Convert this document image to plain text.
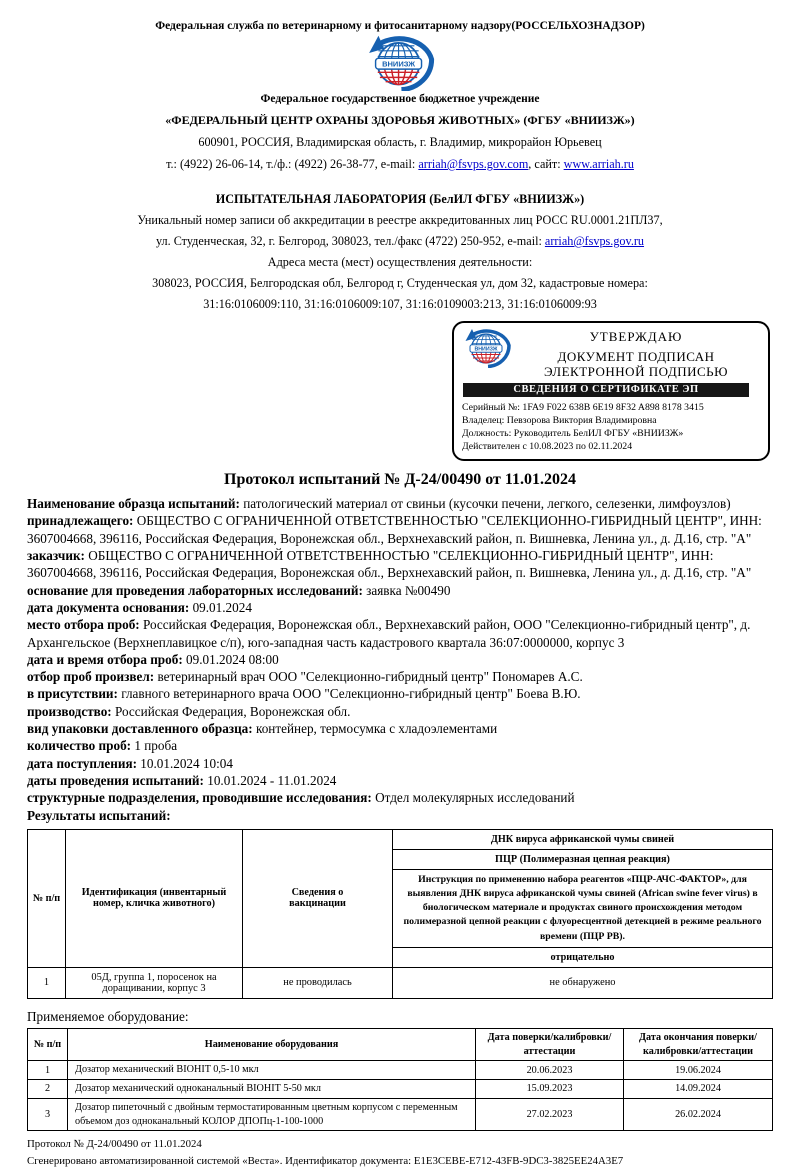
Федеральная служба по ветеринарному и фитосанитарному надзору(РОССЕЛЬХОЗНАДЗОР)
ВНИИЗЖ
Федеральное государственное бюджетное учреждение
«ФЕДЕРАЛЬНЫЙ ЦЕНТР ОХРАНЫ ЗДОРОВЬЯ ЖИВОТНЫХ» (ФГБУ «ВНИИЗЖ»)
600901, РОССИЯ, Владимирская область, г. Владимир, микрорайон Юрьевец
т.: (4922) 26-06-14, т./ф.: (4922) 26-38-77, e-mail: arriah@fsvps.gov.com, сайт: www.arriah.ru
ИСПЫТАТЕЛЬНАЯ ЛАБОРАТОРИЯ (БелИЛ ФГБУ «ВНИИЗЖ»)
Уникальный номер записи об аккредитации в реестре аккредитованных лиц РОСС RU.0001.21ПЛ37,
ул. Студенческая, 32, г. Белгород, 308023, тел./факс (4722) 250-952, e-mail: arriah@fsvps.gov.ru
Адреса места (мест) осуществления деятельности:
308023, РОССИЯ, Белгородская обл, Белгород г, Студенческая ул, дом 32, кадастровые номера:
31:16:0106009:110, 31:16:0106009:107, 31:16:0109003:213, 31:16:0106009:93
ВНИИЗЖ
УТВЕРЖДАЮ
ДОКУМЕНТ ПОДПИСАН
ЭЛЕКТРОННОЙ ПОДПИСЬЮ
СВЕДЕНИЯ О СЕРТИФИКАТЕ ЭП
Серийный №: 1FA9 F022 638B 6E19 8F32 A898 8178 3415
Владелец: Певзорова Виктория Владимировна
Должность: Руководитель БелИЛ ФГБУ «ВНИИЗЖ»
Действителен с 10.08.2023 по 02.11.2024
Протокол испытаний № Д-24/00490 от 11.01.2024
Наименование образца испытаний: патологический материал от свиньи (кусочки печени, легкого, селезенки, лимфоузлов)
принадлежащего: ОБЩЕСТВО С ОГРАНИЧЕННОЙ ОТВЕТСТВЕННОСТЬЮ "СЕЛЕКЦИОННО-ГИБРИДНЫЙ ЦЕНТР", ИНН: 3607004668, 396116, Российская Федерация, Воронежская обл., Верхнехавский район, п. Вишневка, Ленина ул., д. Д.16, стр. "А"
заказчик: ОБЩЕСТВО С ОГРАНИЧЕННОЙ ОТВЕТСТВЕННОСТЬЮ "СЕЛЕКЦИОННО-ГИБРИДНЫЙ ЦЕНТР", ИНН: 3607004668, 396116, Российская Федерация, Воронежская обл., Верхнехавский район, п. Вишневка, Ленина ул., д. Д.16, стр. "А"
основание для проведения лабораторных исследований: заявка №00490
дата документа основания: 09.01.2024
место отбора проб: Российская Федерация, Воронежская обл., Верхнехавский район, ООО "Селекционно-гибридный центр", д. Архангельское (Верхнеплавицкое с/п), юго-западная часть кадастрового квартала 36:07:0000000, корпус 3
дата и время отбора проб: 09.01.2024 08:00
отбор проб произвел: ветеринарный врач ООО "Селекционно-гибридный центр" Пономарев А.С.
в присутствии: главного ветеринарного врача ООО "Селекционно-гибридный центр" Боева В.Ю.
производство: Российская Федерация, Воронежская обл.
вид упаковки доставленного образца: контейнер, термосумка с хладоэлементами
количество проб: 1 проба
дата поступления: 10.01.2024 10:04
даты проведения испытаний: 10.01.2024 - 11.01.2024
структурные подразделения, проводившие исследования: Отдел молекулярных исследований
Результаты испытаний:
№ п/п	Идентификация (инвентарный номер, кличка животного)	Сведения о вакцинации	ДНК вируса африканской чумы свиней
			ПЦР (Полимеразная цепная реакция)
			Инструкция по применению набора реагентов «ПЦР-АЧС-ФАКТОР», для выявления ДНК вируса африканской чумы свиней (African swine fever virus) в биологическом материале и продуктах свиного происхождения методом полимеразной цепной реакции с флуоресцентной детекцией в режиме реального времени (ПЦР РВ).
			отрицательно
1	05Д, группа 1, поросенок на доращивании, корпус 3	не проводилась	не обнаружено
Применяемое оборудование:
№ п/п	Наименование оборудования	Дата поверки/калибровки/аттестации	Дата окончания поверки/калибровки/аттестации
1	Дозатор механический BIOHIT 0,5-10 мкл	20.06.2023	19.06.2024
2	Дозатор механический одноканальный BIOHIT 5-50 мкл	15.09.2023	14.09.2024
3	Дозатор пипеточный с двойным термостатированным цветным корпусом с переменным объемом доз одноканальный КОЛОР ДПОПц-1-100-1000	27.02.2023	26.02.2024
Протокол № Д-24/00490 от 11.01.2024
Сгенерировано автоматизированной системой «Веста». Идентификатор документа: E1E3CEBE-E712-43FB-9DC3-3825EE24A3E7
